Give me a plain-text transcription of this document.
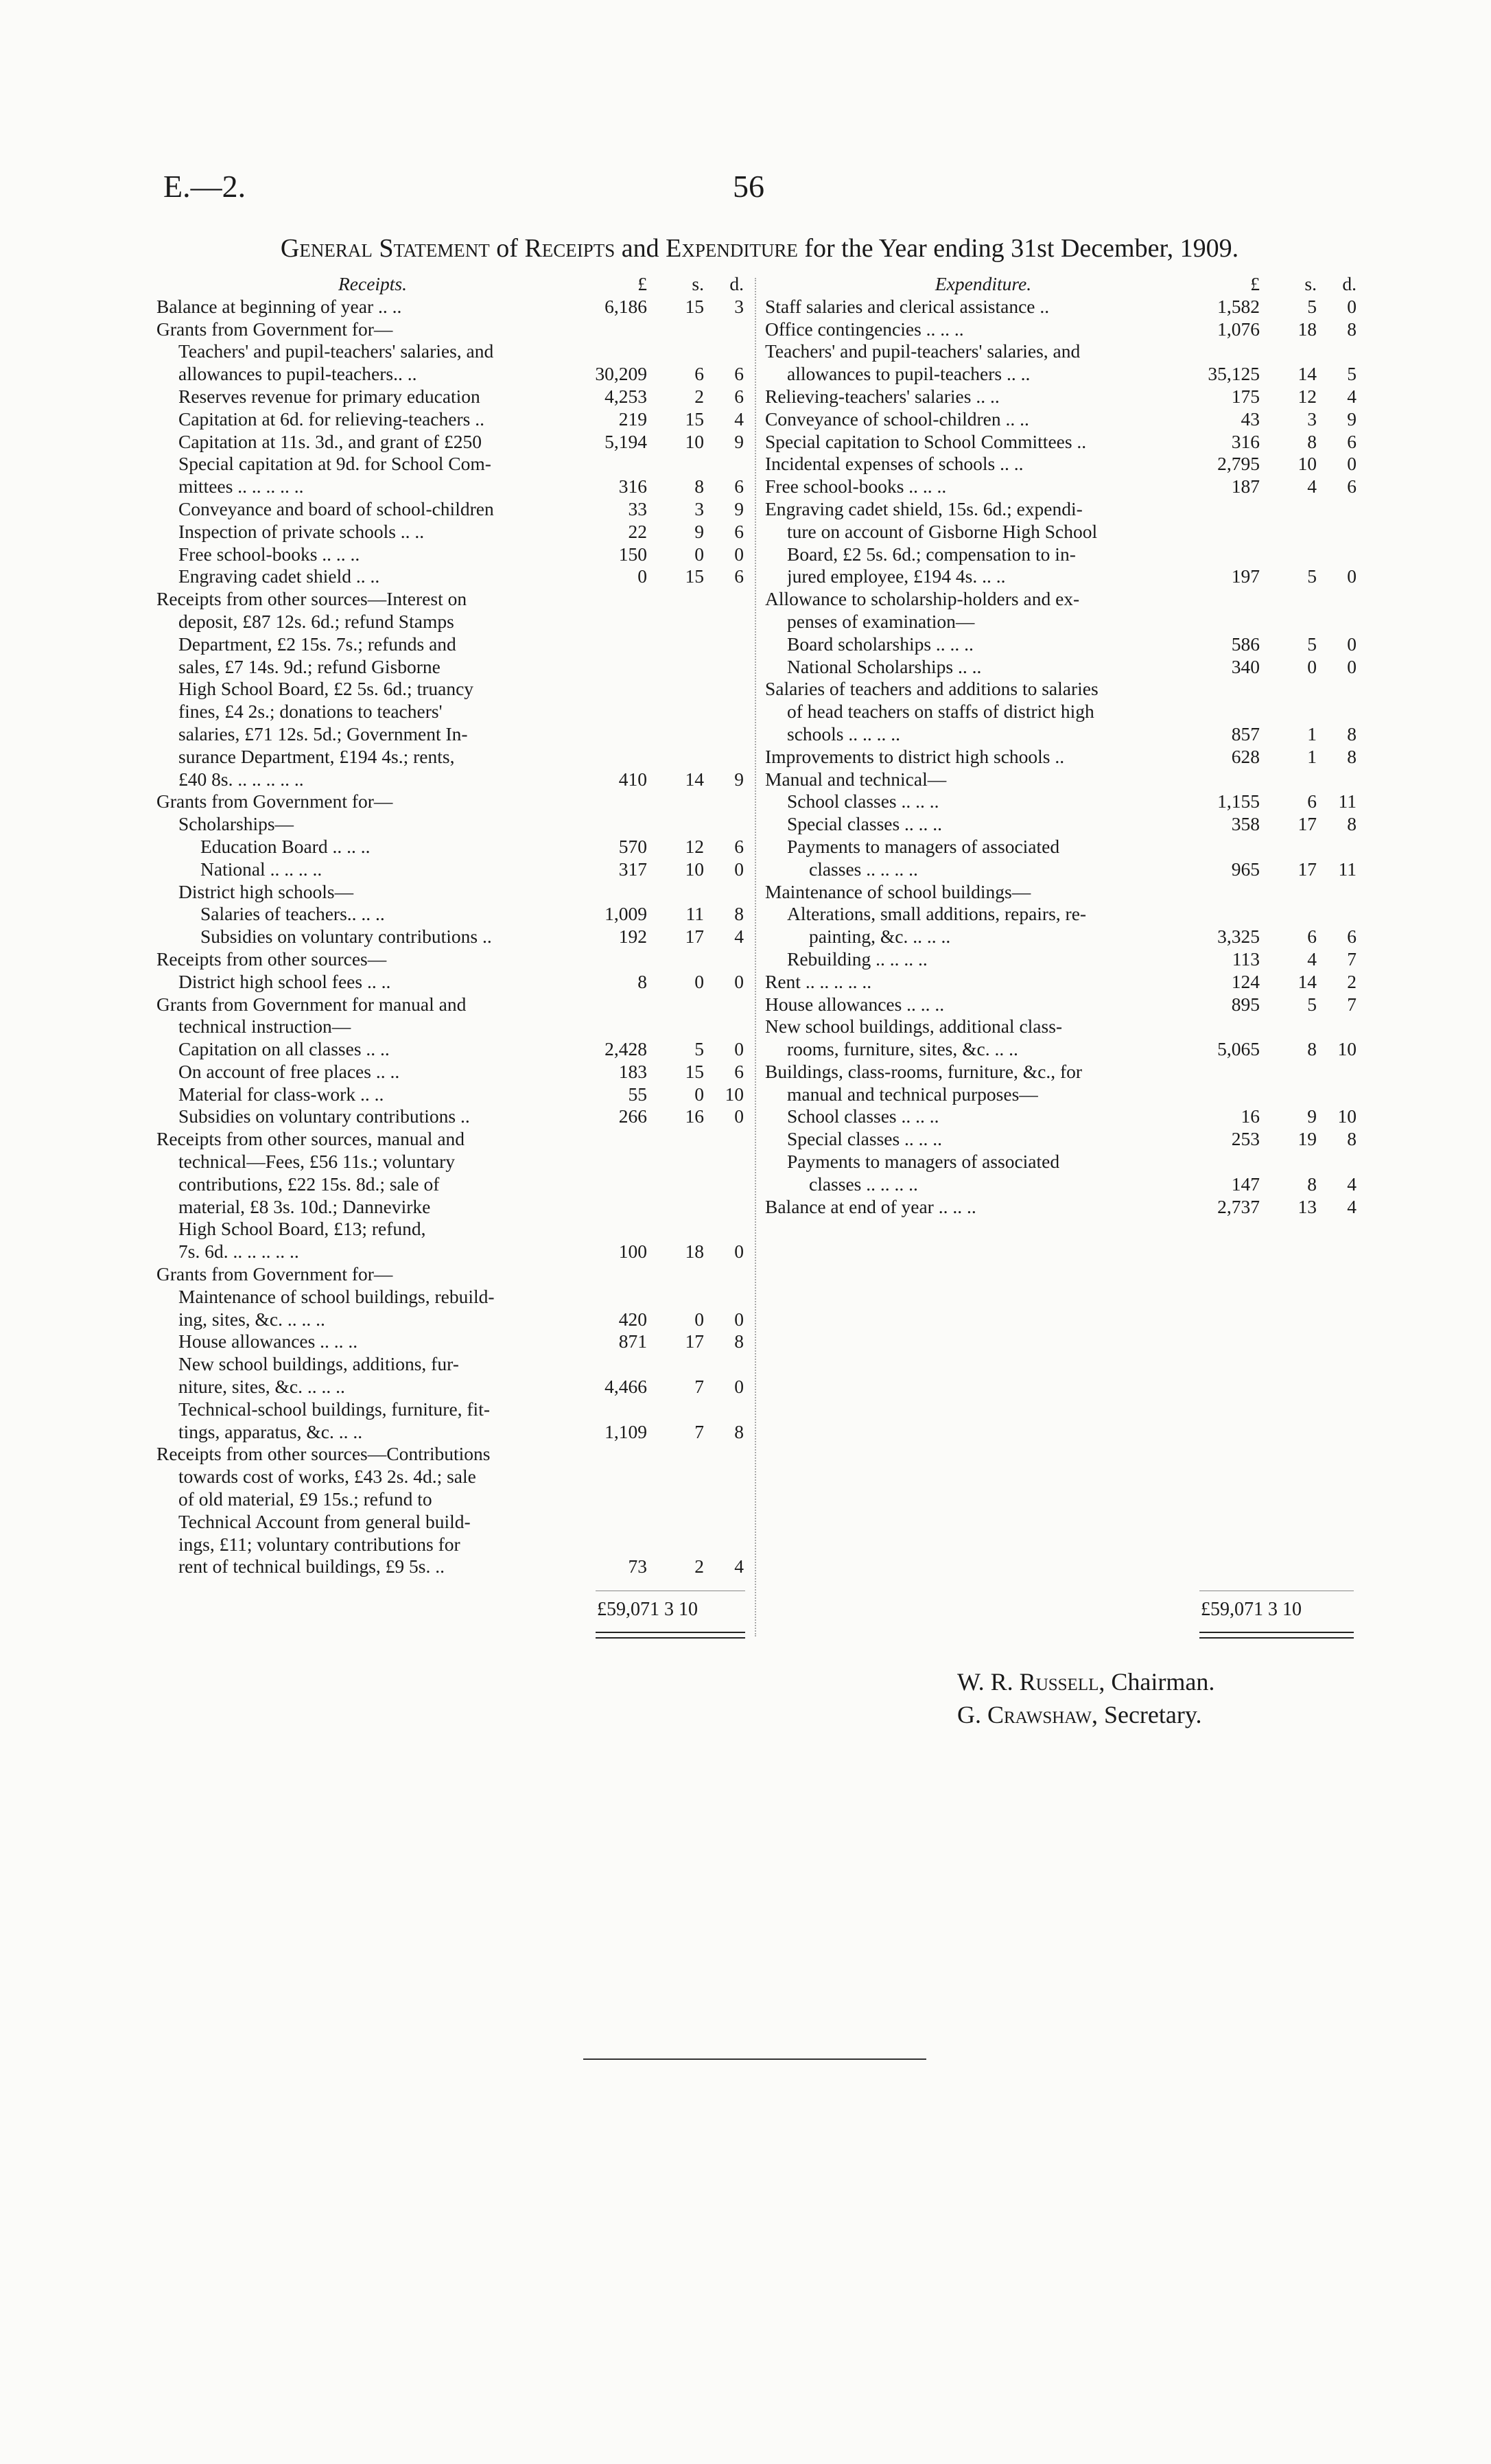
E.—2.	56
General Statement of Receipts and Expenditure for the Year ending 31st December, 1909.
Receipts.	£	s.	d.
Balance at beginning of year .. ..	6,186	15	3
Grants from Government for—
Teachers' and pupil-teachers' salaries, and
allowances to pupil-teachers.. ..	30,209	6	6
Reserves revenue for primary education	4,253	2	6
Capitation at 6d. for relieving-teachers ..	219	15	4
Capitation at 11s. 3d., and grant of £250	5,194	10	9
Special capitation at 9d. for School Com-
mittees .. .. .. .. ..	316	8	6
Conveyance and board of school-children	33	3	9
Inspection of private schools .. ..	22	9	6
Free school-books .. .. ..	150	0	0
Engraving cadet shield .. ..	0	15	6
Receipts from other sources—Interest on
deposit, £87 12s. 6d.; refund Stamps
Department, £2 15s. 7s.; refunds and
sales, £7 14s. 9d.; refund Gisborne
High School Board, £2 5s. 6d.; truancy
fines, £4 2s.; donations to teachers'
salaries, £71 12s. 5d.; Government In-
surance Department, £194 4s.; rents,
£40 8s. .. .. .. .. ..	410	14	9
Grants from Government for—
Scholarships—
Education Board .. .. ..	570	12	6
National .. .. .. ..	317	10	0
District high schools—
Salaries of teachers.. .. ..	1,009	11	8
Subsidies on voluntary contributions ..	192	17	4
Receipts from other sources—
District high school fees .. ..	8	0	0
Grants from Government for manual and
technical instruction—
Capitation on all classes .. ..	2,428	5	0
On account of free places .. ..	183	15	6
Material for class-work .. ..	55	0	10
Subsidies on voluntary contributions ..	266	16	0
Receipts from other sources, manual and
technical—Fees, £56 11s.; voluntary
contributions, £22 15s. 8d.; sale of
material, £8 3s. 10d.; Dannevirke
High School Board, £13; refund,
7s. 6d. .. .. .. .. ..	100	18	0
Grants from Government for—
Maintenance of school buildings, rebuild-
ing, sites, &c. .. .. ..	420	0	0
House allowances .. .. ..	871	17	8
New school buildings, additions, fur-
niture, sites, &c. .. .. ..	4,466	7	0
Technical-school buildings, furniture, fit-
tings, apparatus, &c. .. ..	1,109	7	8
Receipts from other sources—Contributions
towards cost of works, £43 2s. 4d.; sale
of old material, £9 15s.; refund to
Technical Account from general build-
ings, £11; voluntary contributions for
rent of technical buildings, £9 5s. ..	73	2	4
Expenditure.	£	s.	d.
Staff salaries and clerical assistance ..	1,582	5	0
Office contingencies .. .. ..	1,076	18	8
Teachers' and pupil-teachers' salaries, and
allowances to pupil-teachers .. ..	35,125	14	5
Relieving-teachers' salaries .. ..	175	12	4
Conveyance of school-children .. ..	43	3	9
Special capitation to School Committees ..	316	8	6
Incidental expenses of schools .. ..	2,795	10	0
Free school-books .. .. ..	187	4	6
Engraving cadet shield, 15s. 6d.; expendi-
ture on account of Gisborne High School
Board, £2 5s. 6d.; compensation to in-
jured employee, £194 4s. .. ..	197	5	0
Allowance to scholarship-holders and ex-
penses of examination—
Board scholarships .. .. ..	586	5	0
National Scholarships .. ..	340	0	0
Salaries of teachers and additions to salaries
of head teachers on staffs of district high
schools .. .. .. ..	857	1	8
Improvements to district high schools ..	628	1	8
Manual and technical—
School classes .. .. ..	1,155	6	11
Special classes .. .. ..	358	17	8
Payments to managers of associated
classes .. .. .. ..	965	17	11
Maintenance of school buildings—
Alterations, small additions, repairs, re-
painting, &c. .. .. ..	3,325	6	6
Rebuilding .. .. .. ..	113	4	7
Rent .. .. .. .. ..	124	14	2
House allowances .. .. ..	895	5	7
New school buildings, additional class-
rooms, furniture, sites, &c. .. ..	5,065	8	10
Buildings, class-rooms, furniture, &c., for
manual and technical purposes—
School classes .. .. ..	16	9	10
Special classes .. .. ..	253	19	8
Payments to managers of associated
classes .. .. .. ..	147	8	4
Balance at end of year .. .. ..	2,737	13	4
£59,071 3 10	£59,071 3 10
W. R. Russell, Chairman.
G. Crawshaw, Secretary.
